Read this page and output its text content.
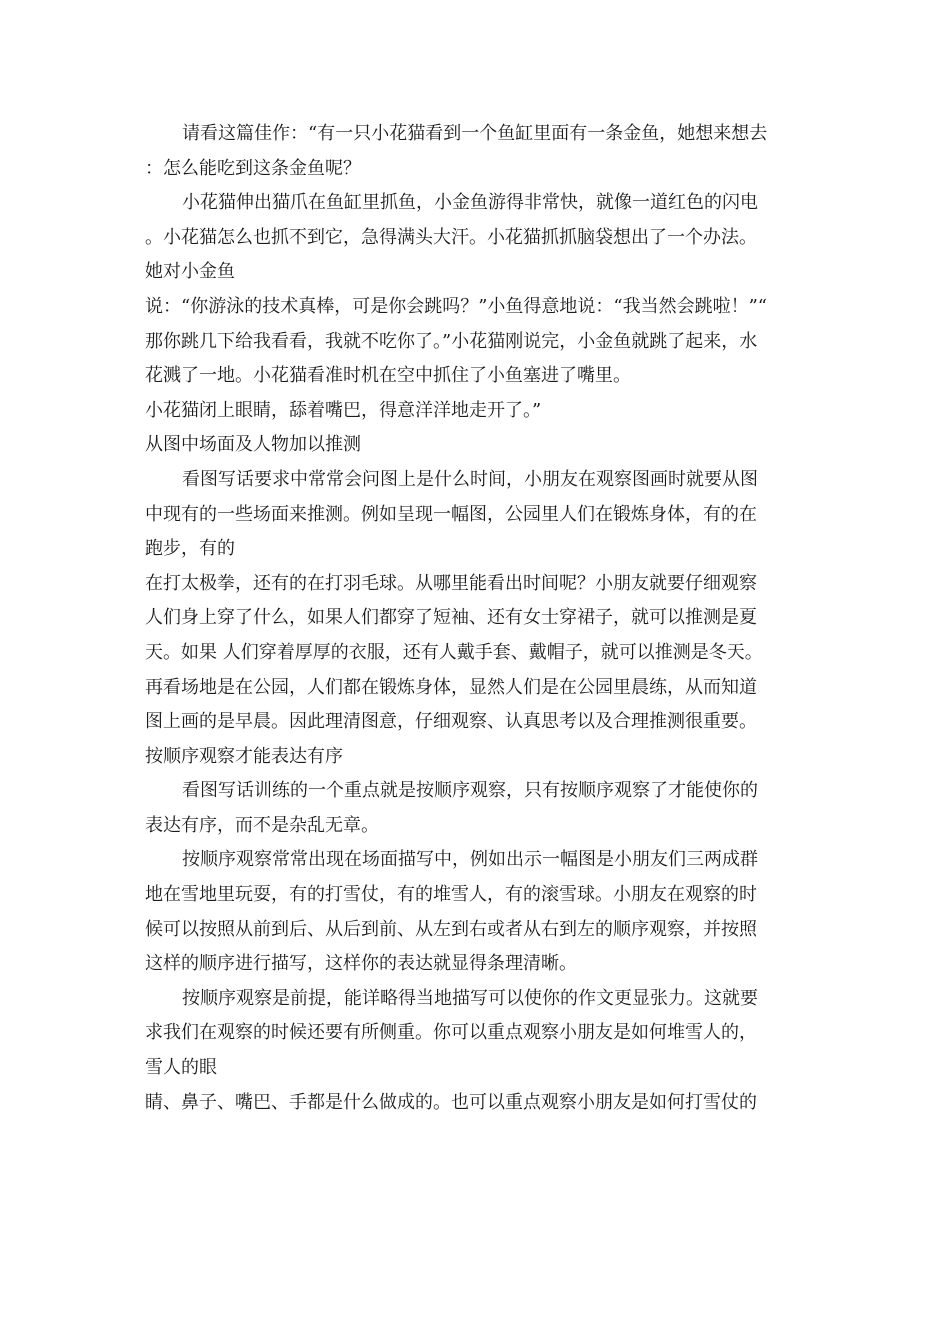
请看这篇佳作：“有一只小花猫看到一个鱼缸里面有一条金鱼，她想来想去
：怎么能吃到这条金鱼呢？
小花猫伸出猫爪在鱼缸里抓鱼，小金鱼游得非常快，就像一道红色的闪电
。小花猫怎么也抓不到它，急得满头大汗。小花猫抓抓脑袋想出了一个办法。
她对小金鱼
说：“你游泳的技术真棒，可是你会跳吗？”小鱼得意地说：“我当然会跳啦！”“
那你跳几下给我看看，我就不吃你了。”小花猫刚说完，小金鱼就跳了起来，水
花溅了一地。小花猫看准时机在空中抓住了小鱼塞进了嘴里。
小花猫闭上眼睛，舔着嘴巴，得意洋洋地走开了。”
从图中场面及人物加以推测
看图写话要求中常常会问图上是什么时间，小朋友在观察图画时就要从图
中现有的一些场面来推测。例如呈现一幅图，公园里人们在锻炼身体，有的在
跑步，有的
在打太极拳，还有的在打羽毛球。从哪里能看出时间呢？小朋友就要仔细观察
人们身上穿了什么，如果人们都穿了短袖、还有女士穿裙子，就可以推测是夏
天。如果 人们穿着厚厚的衣服，还有人戴手套、戴帽子，就可以推测是冬天。
再看场地是在公园，人们都在锻炼身体，显然人们是在公园里晨练，从而知道
图上画的是早晨。因此理清图意，仔细观察、认真思考以及合理推测很重要。
按顺序观察才能表达有序
看图写话训练的一个重点就是按顺序观察，只有按顺序观察了才能使你的
表达有序，而不是杂乱无章。
按顺序观察常常出现在场面描写中，例如出示一幅图是小朋友们三两成群
地在雪地里玩耍，有的打雪仗，有的堆雪人，有的滚雪球。小朋友在观察的时
候可以按照从前到后、从后到前、从左到右或者从右到左的顺序观察，并按照
这样的顺序进行描写，这样你的表达就显得条理清晰。
按顺序观察是前提，能详略得当地描写可以使你的作文更显张力。这就要
求我们在观察的时候还要有所侧重。你可以重点观察小朋友是如何堆雪人的，
雪人的眼
睛、鼻子、嘴巴、手都是什么做成的。也可以重点观察小朋友是如何打雪仗的
